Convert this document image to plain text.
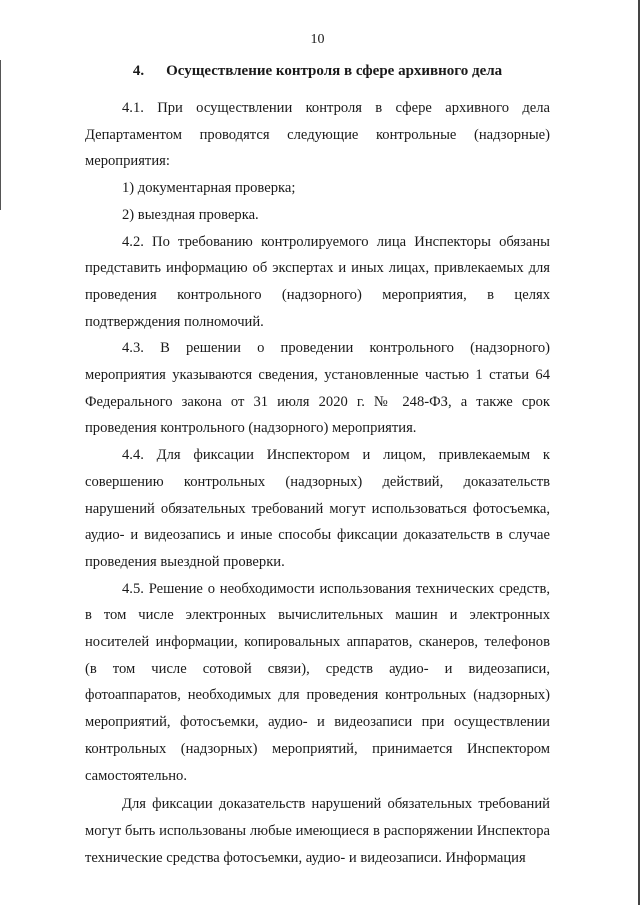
10
4. Осуществление контроля в сфере архивного дела

4.1. При осуществлении контроля в сфере архивного дела Департаментом проводятся следующие контрольные (надзорные) мероприятия:

1) документарная проверка;

2) выездная проверка.

4.2. По требованию контролируемого лица Инспекторы обязаны представить информацию об экспертах и иных лицах, привлекаемых для проведения контрольного (надзорного) мероприятия, в целях подтверждения полномочий.

4.3. В решении о проведении контрольного (надзорного) мероприятия указываются сведения, установленные частью 1 статьи 64 Федерального закона от 31 июля 2020 г. № 248-ФЗ, а также срок проведения контрольного (надзорного) мероприятия.

4.4. Для фиксации Инспектором и лицом, привлекаемым к совершению контрольных (надзорных) действий, доказательств нарушений обязательных требований могут использоваться фотосъемка, аудио- и видеозапись и иные способы фиксации доказательств в случае проведения выездной проверки.

4.5. Решение о необходимости использования технических средств, в том числе электронных вычислительных машин и электронных носителей информации, копировальных аппаратов, сканеров, телефонов (в том числе сотовой связи), средств аудио- и видеозаписи, фотоаппаратов, необходимых для проведения контрольных (надзорных) мероприятий, фотосъемки, аудио- и видеозаписи при осуществлении контрольных (надзорных) мероприятий, принимается Инспектором самостоятельно.

Для фиксации доказательств нарушений обязательных требований могут быть использованы любые имеющиеся в распоряжении Инспектора технические средства фотосъемки, аудио- и видеозаписи. Информация
